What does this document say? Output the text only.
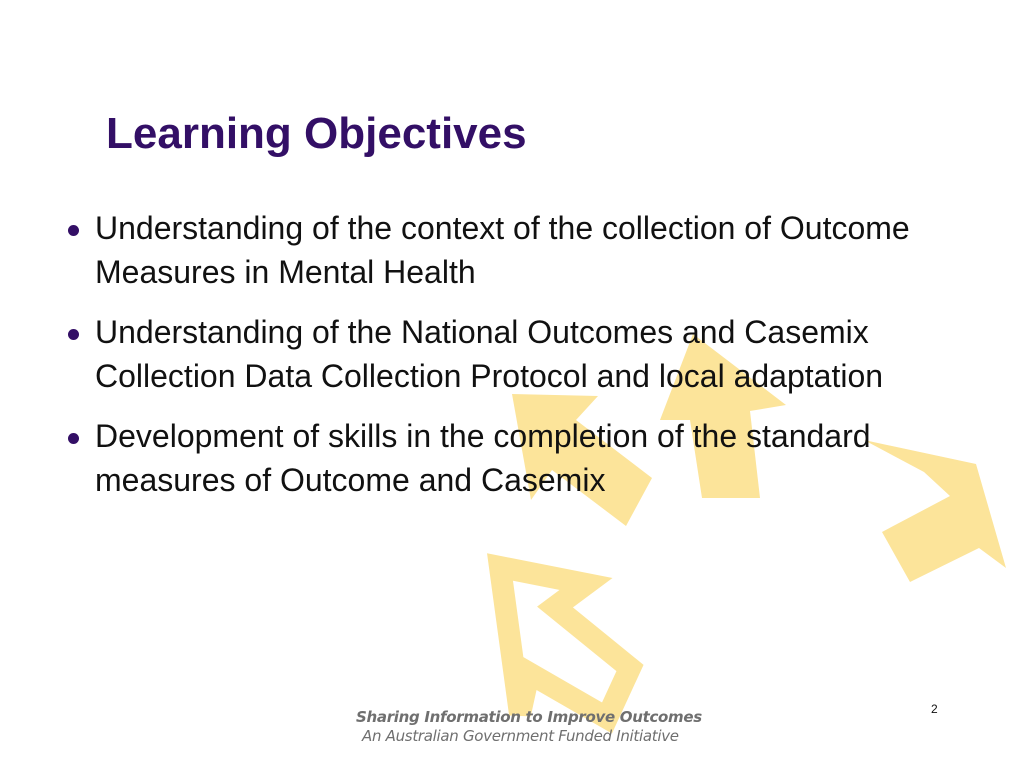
Learning Objectives
Understanding of the context of the collection of Outcome Measures in Mental Health
Understanding of the National Outcomes and Casemix Collection Data Collection Protocol and local adaptation
Development of skills in the completion of the standard measures of Outcome and Casemix
2
Sharing Information to Improve Outcomes
An Australian Government Funded Initiative
